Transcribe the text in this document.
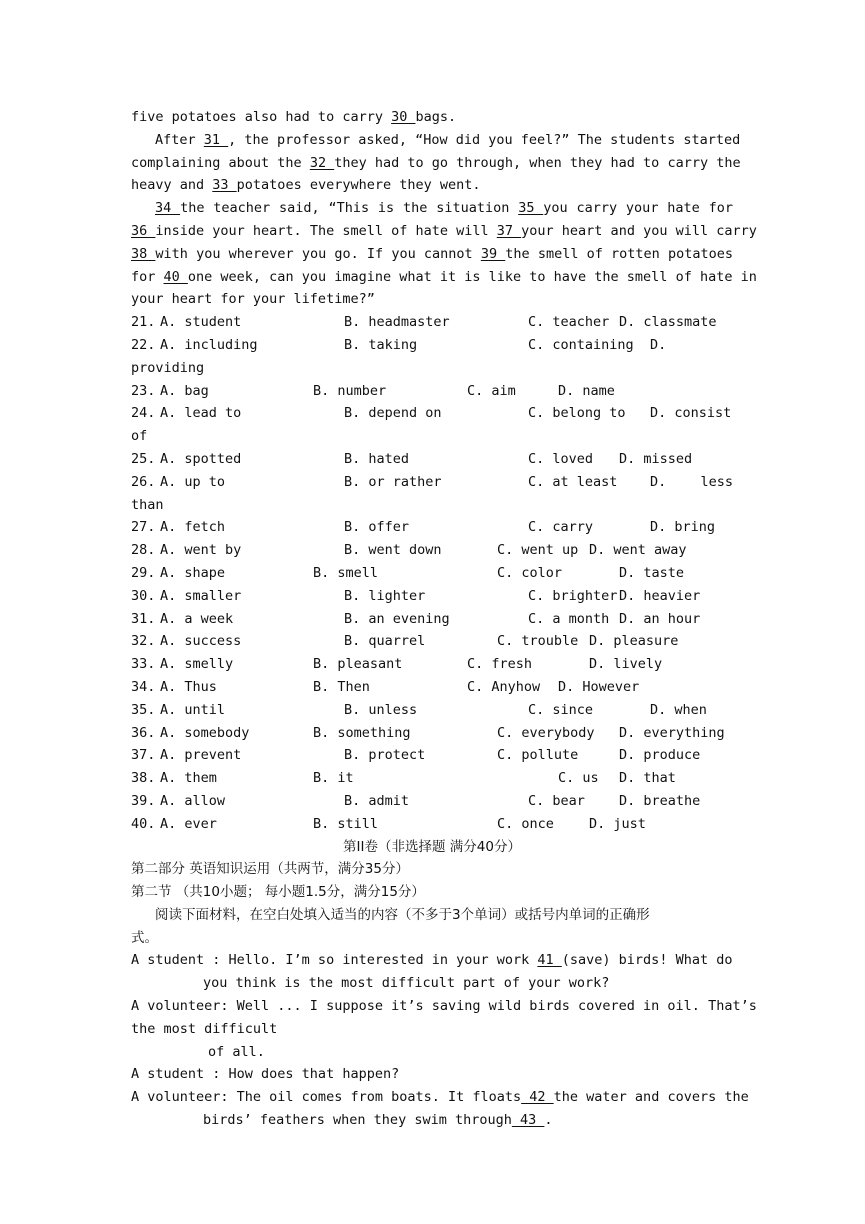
five potatoes also had to carry 30 bags.
After 31 , the professor asked, “How did you feel?” The students started
complaining about the 32 they had to go through, when they had to carry the
heavy and 33 potatoes everywhere they went.
34 the teacher said, “This is the situation 35 you carry your hate for
36 inside your heart. The smell of hate will 37 your heart and you will carry
38 with you wherever you go. If you cannot 39 the smell of rotten potatoes
for 40 one week, can you imagine what it is like to have the smell of hate in
your heart for your lifetime?”
21. A. student	B. headmaster	C. teacher D. classmate
22. A. including	B. taking	C. containing D.
providing
23. A. bag	B. number	C. aim	D. name
24. A. lead to	B. depend on	C. belong to D. consist
of
25. A. spotted	B. hated	C. loved D. missed
26. A. up to	B. or rather	C. at least D.	less
than
27. A. fetch	B. offer	C. carry	D. bring
28. A. went by	B. went down	C. went up D. went away
29. A. shape	B. smell	C. color	D. taste
30. A. smaller	B. lighter	C. brighter D. heavier
31. A. a week	B. an evening	C. a month D. an hour
32. A. success	B. quarrel	C. trouble D. pleasure
33. A. smelly	B. pleasant	C. fresh	D. lively
34. A. Thus	B. Then	C. Anyhow D. However
35. A. until	B. unless	C. since	D. when
36. A. somebody	B. something	C. everybody D. everything
37. A. prevent	B. protect	C. pollute	D. produce
38. A. them	B. it	C. us D. that
39. A. allow	B. admit	C. bear	D. breathe
40. A. ever	B. still	C. once	D. just
第II卷（非选择题 满分40分）
第二部分 英语知识运用（共两节，满分35分）
第二节 （共10小题； 每小题1.5分，满分15分）
阅读下面材料，在空白处填入适当的内容（不多于3个单词）或括号内单词的正确形
式。
A student : Hello. I’m so interested in your work 41 (save) birds! What do
you think is the most difficult part of your work?
A volunteer: Well ... I suppose it’s saving wild birds covered in oil. That’s
the most difficult
of all.
A student : How does that happen?
A volunteer: The oil comes from boats. It floats 42 the water and covers the
birds’ feathers when they swim through 43 .
